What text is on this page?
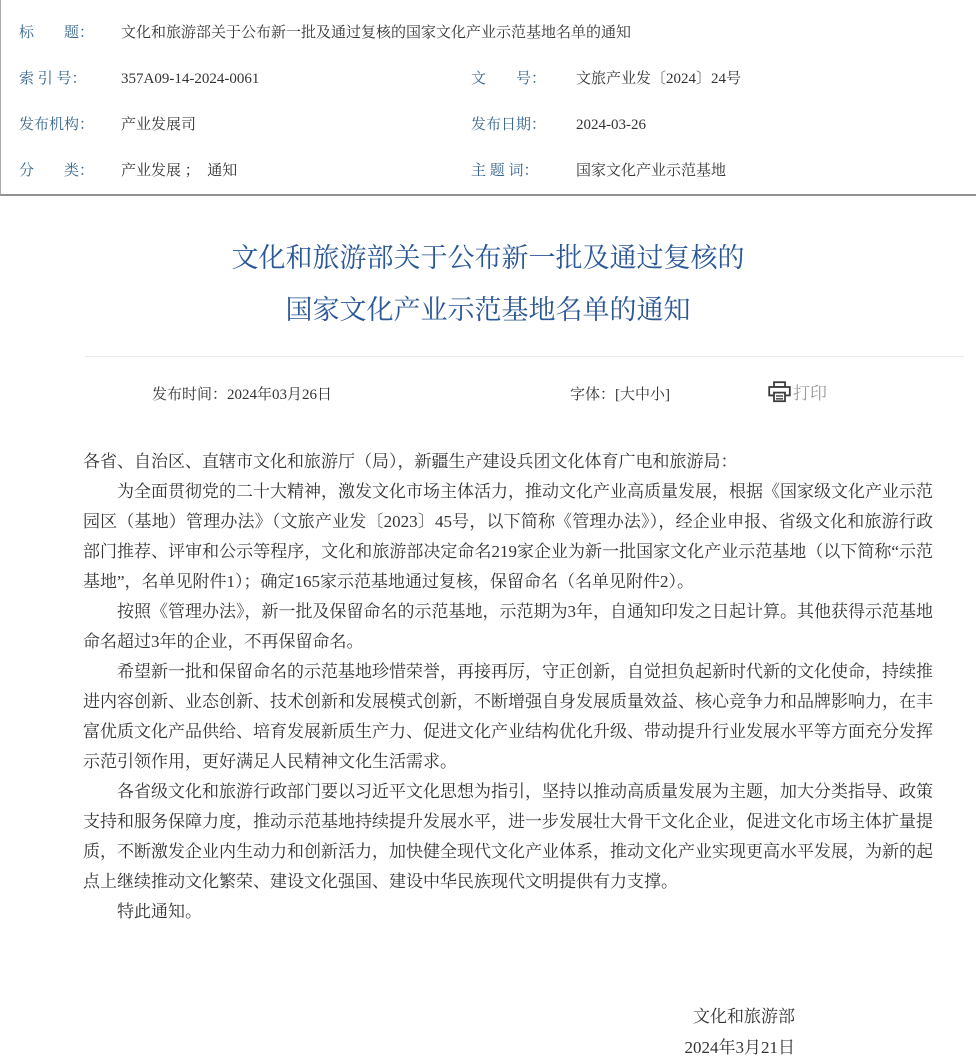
标　　题：	文化和旅游部关于公布新一批及通过复核的国家文化产业示范基地名单的通知
索 引 号：	357A09-14-2024-0061	文　　号：	文旅产业发〔2024〕24号
发布机构：	产业发展司	发布日期：	2024-03-26
分　　类：	产业发展 ；　通知	主 题 词：	国家文化产业示范基地
文化和旅游部关于公布新一批及通过复核的
国家文化产业示范基地名单的通知
发布时间：2024年03月26日	字体：[大中小]	打印

各省、自治区、直辖市文化和旅游厅（局），新疆生产建设兵团文化体育广电和旅游局：

为全面贯彻党的二十大精神，激发文化市场主体活力，推动文化产业高质量发展，根据《国家级文化产业示范园区（基地）管理办法》（文旅产业发〔2023〕45号，以下简称《管理办法》），经企业申报、省级文化和旅游行政部门推荐、评审和公示等程序，文化和旅游部决定命名219家企业为新一批国家文化产业示范基地（以下简称“示范基地”，名单见附件1）；确定165家示范基地通过复核，保留命名（名单见附件2）。

按照《管理办法》，新一批及保留命名的示范基地，示范期为3年，自通知印发之日起计算。其他获得示范基地命名超过3年的企业，不再保留命名。

希望新一批和保留命名的示范基地珍惜荣誉，再接再厉，守正创新，自觉担负起新时代新的文化使命，持续推进内容创新、业态创新、技术创新和发展模式创新，不断增强自身发展质量效益、核心竞争力和品牌影响力，在丰富优质文化产品供给、培育发展新质生产力、促进文化产业结构优化升级、带动提升行业发展水平等方面充分发挥示范引领作用，更好满足人民精神文化生活需求。

各省级文化和旅游行政部门要以习近平文化思想为指引，坚持以推动高质量发展为主题，加大分类指导、政策支持和服务保障力度，推动示范基地持续提升发展水平，进一步发展壮大骨干文化企业，促进文化市场主体扩量提质，不断激发企业内生动力和创新活力，加快健全现代文化产业体系，推动文化产业实现更高水平发展，为新的起点上继续推动文化繁荣、建设文化强国、建设中华民族现代文明提供有力支撑。

特此通知。

文化和旅游部
2024年3月21日
